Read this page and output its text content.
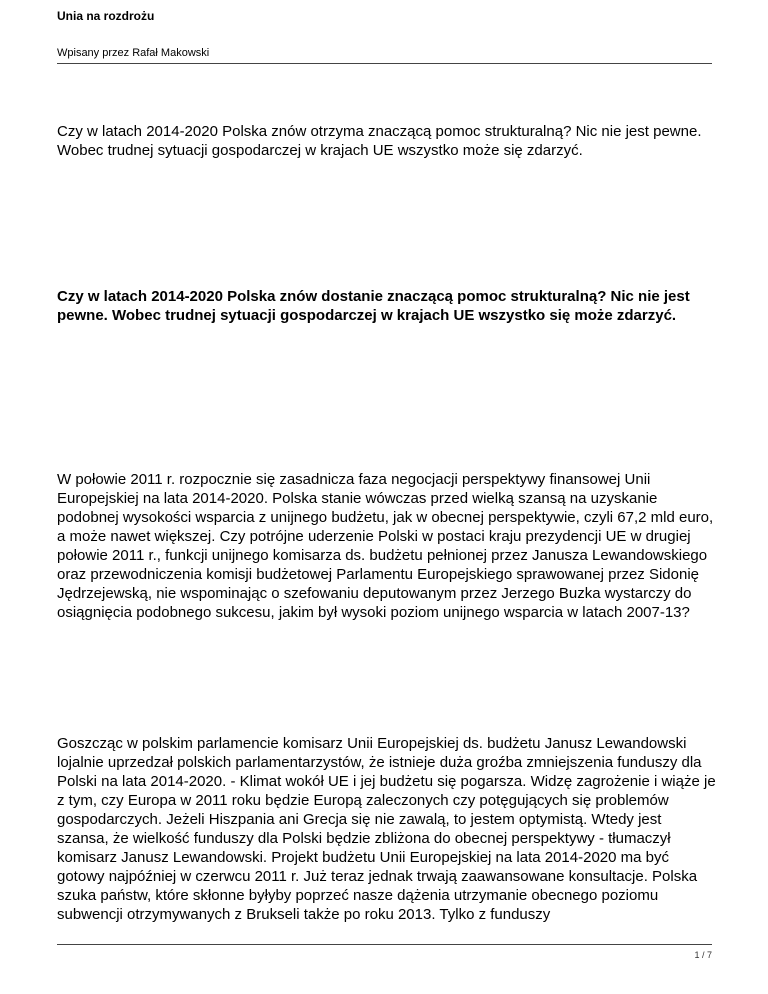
Unia na rozdrożu
Wpisany przez Rafał Makowski

Czy w latach 2014-2020 Polska znów otrzyma znaczącą pomoc strukturalną? Nic nie jest pewne. Wobec trudnej sytuacji gospodarczej w krajach UE wszystko może się zdarzyć.

Czy w latach 2014-2020 Polska znów dostanie znaczącą pomoc strukturalną? Nic nie jest pewne. Wobec trudnej sytuacji gospodarczej w krajach UE wszystko się może zdarzyć.

W połowie 2011 r. rozpocznie się zasadnicza faza negocjacji perspektywy finansowej Unii Europejskiej na lata 2014-2020. Polska stanie wówczas przed wielką szansą na uzyskanie podobnej wysokości wsparcia z unijnego budżetu, jak w obecnej perspektywie, czyli 67,2 mld euro, a może nawet większej. Czy potrójne uderzenie Polski w postaci kraju prezydencji UE w drugiej połowie 2011 r., funkcji unijnego komisarza ds. budżetu pełnionej przez Janusza Lewandowskiego oraz przewodniczenia komisji budżetowej Parlamentu Europejskiego sprawowanej przez Sidonię Jędrzejewską, nie wspominając o szefowaniu deputowanym przez Jerzego Buzka wystarczy do osiągnięcia podobnego sukcesu, jakim był wysoki poziom unijnego wsparcia w latach 2007-13?

Goszcząc w polskim parlamencie komisarz Unii Europejskiej ds. budżetu Janusz Lewandowski lojalnie uprzedzał polskich parlamentarzystów, że istnieje duża groźba zmniejszenia funduszy dla Polski na lata 2014-2020. - Klimat wokół UE i jej budżetu się pogarsza. Widzę zagrożenie i wiąże je z tym, czy Europa w 2011 roku będzie Europą zaleczonych czy potęgujących się problemów gospodarczych. Jeżeli Hiszpania ani Grecja się nie zawalą, to jestem optymistą. Wtedy jest szansa, że wielkość funduszy dla Polski będzie zbliżona do obecnej perspektywy - tłumaczył komisarz Janusz Lewandowski. Projekt budżetu Unii Europejskiej na lata 2014-2020 ma być gotowy najpóźniej w czerwcu 2011 r. Już teraz jednak trwają zaawansowane konsultacje. Polska szuka państw, które skłonne byłyby poprzeć nasze dążenia utrzymanie obecnego poziomu subwencji otrzymywanych z Brukseli także po roku 2013. Tylko z funduszy

1 / 7
